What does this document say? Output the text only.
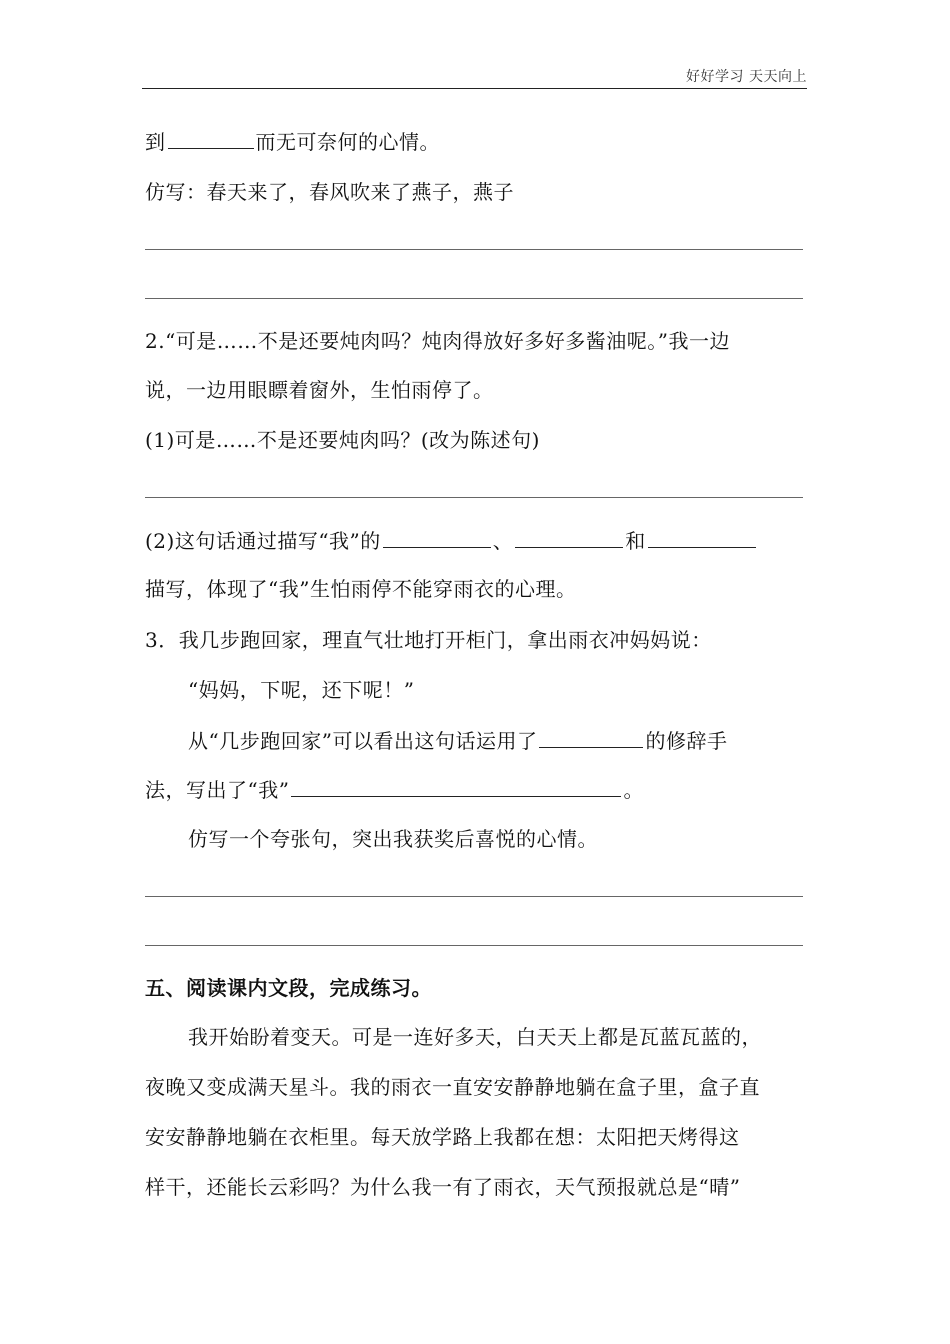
好好学习 天天向上
到	而无可奈何的心情。
仿写：春天来了，春风吹来了燕子，燕子
2.“可是……不是还要炖肉吗？炖肉得放好多好多酱油呢。”我一边
说，一边用眼瞟着窗外，生怕雨停了。
(1)可是……不是还要炖肉吗？(改为陈述句)
(2)这句话通过描写“我”的	、	和
描写，体现了“我”生怕雨停不能穿雨衣的心理。
3．我几步跑回家，理直气壮地打开柜门，拿出雨衣冲妈妈说：
“妈妈，下呢，还下呢！”
从“几步跑回家”可以看出这句话运用了	的修辞手
法，写出了“我”	。
仿写一个夸张句，突出我获奖后喜悦的心情。
五、阅读课内文段，完成练习。
我开始盼着变天。可是一连好多天，白天天上都是瓦蓝瓦蓝的，
夜晚又变成满天星斗。我的雨衣一直安安静静地躺在盒子里，盒子直
安安静静地躺在衣柜里。每天放学路上我都在想：太阳把天烤得这
样干，还能长云彩吗？为什么我一有了雨衣，天气预报就总是“晴”
